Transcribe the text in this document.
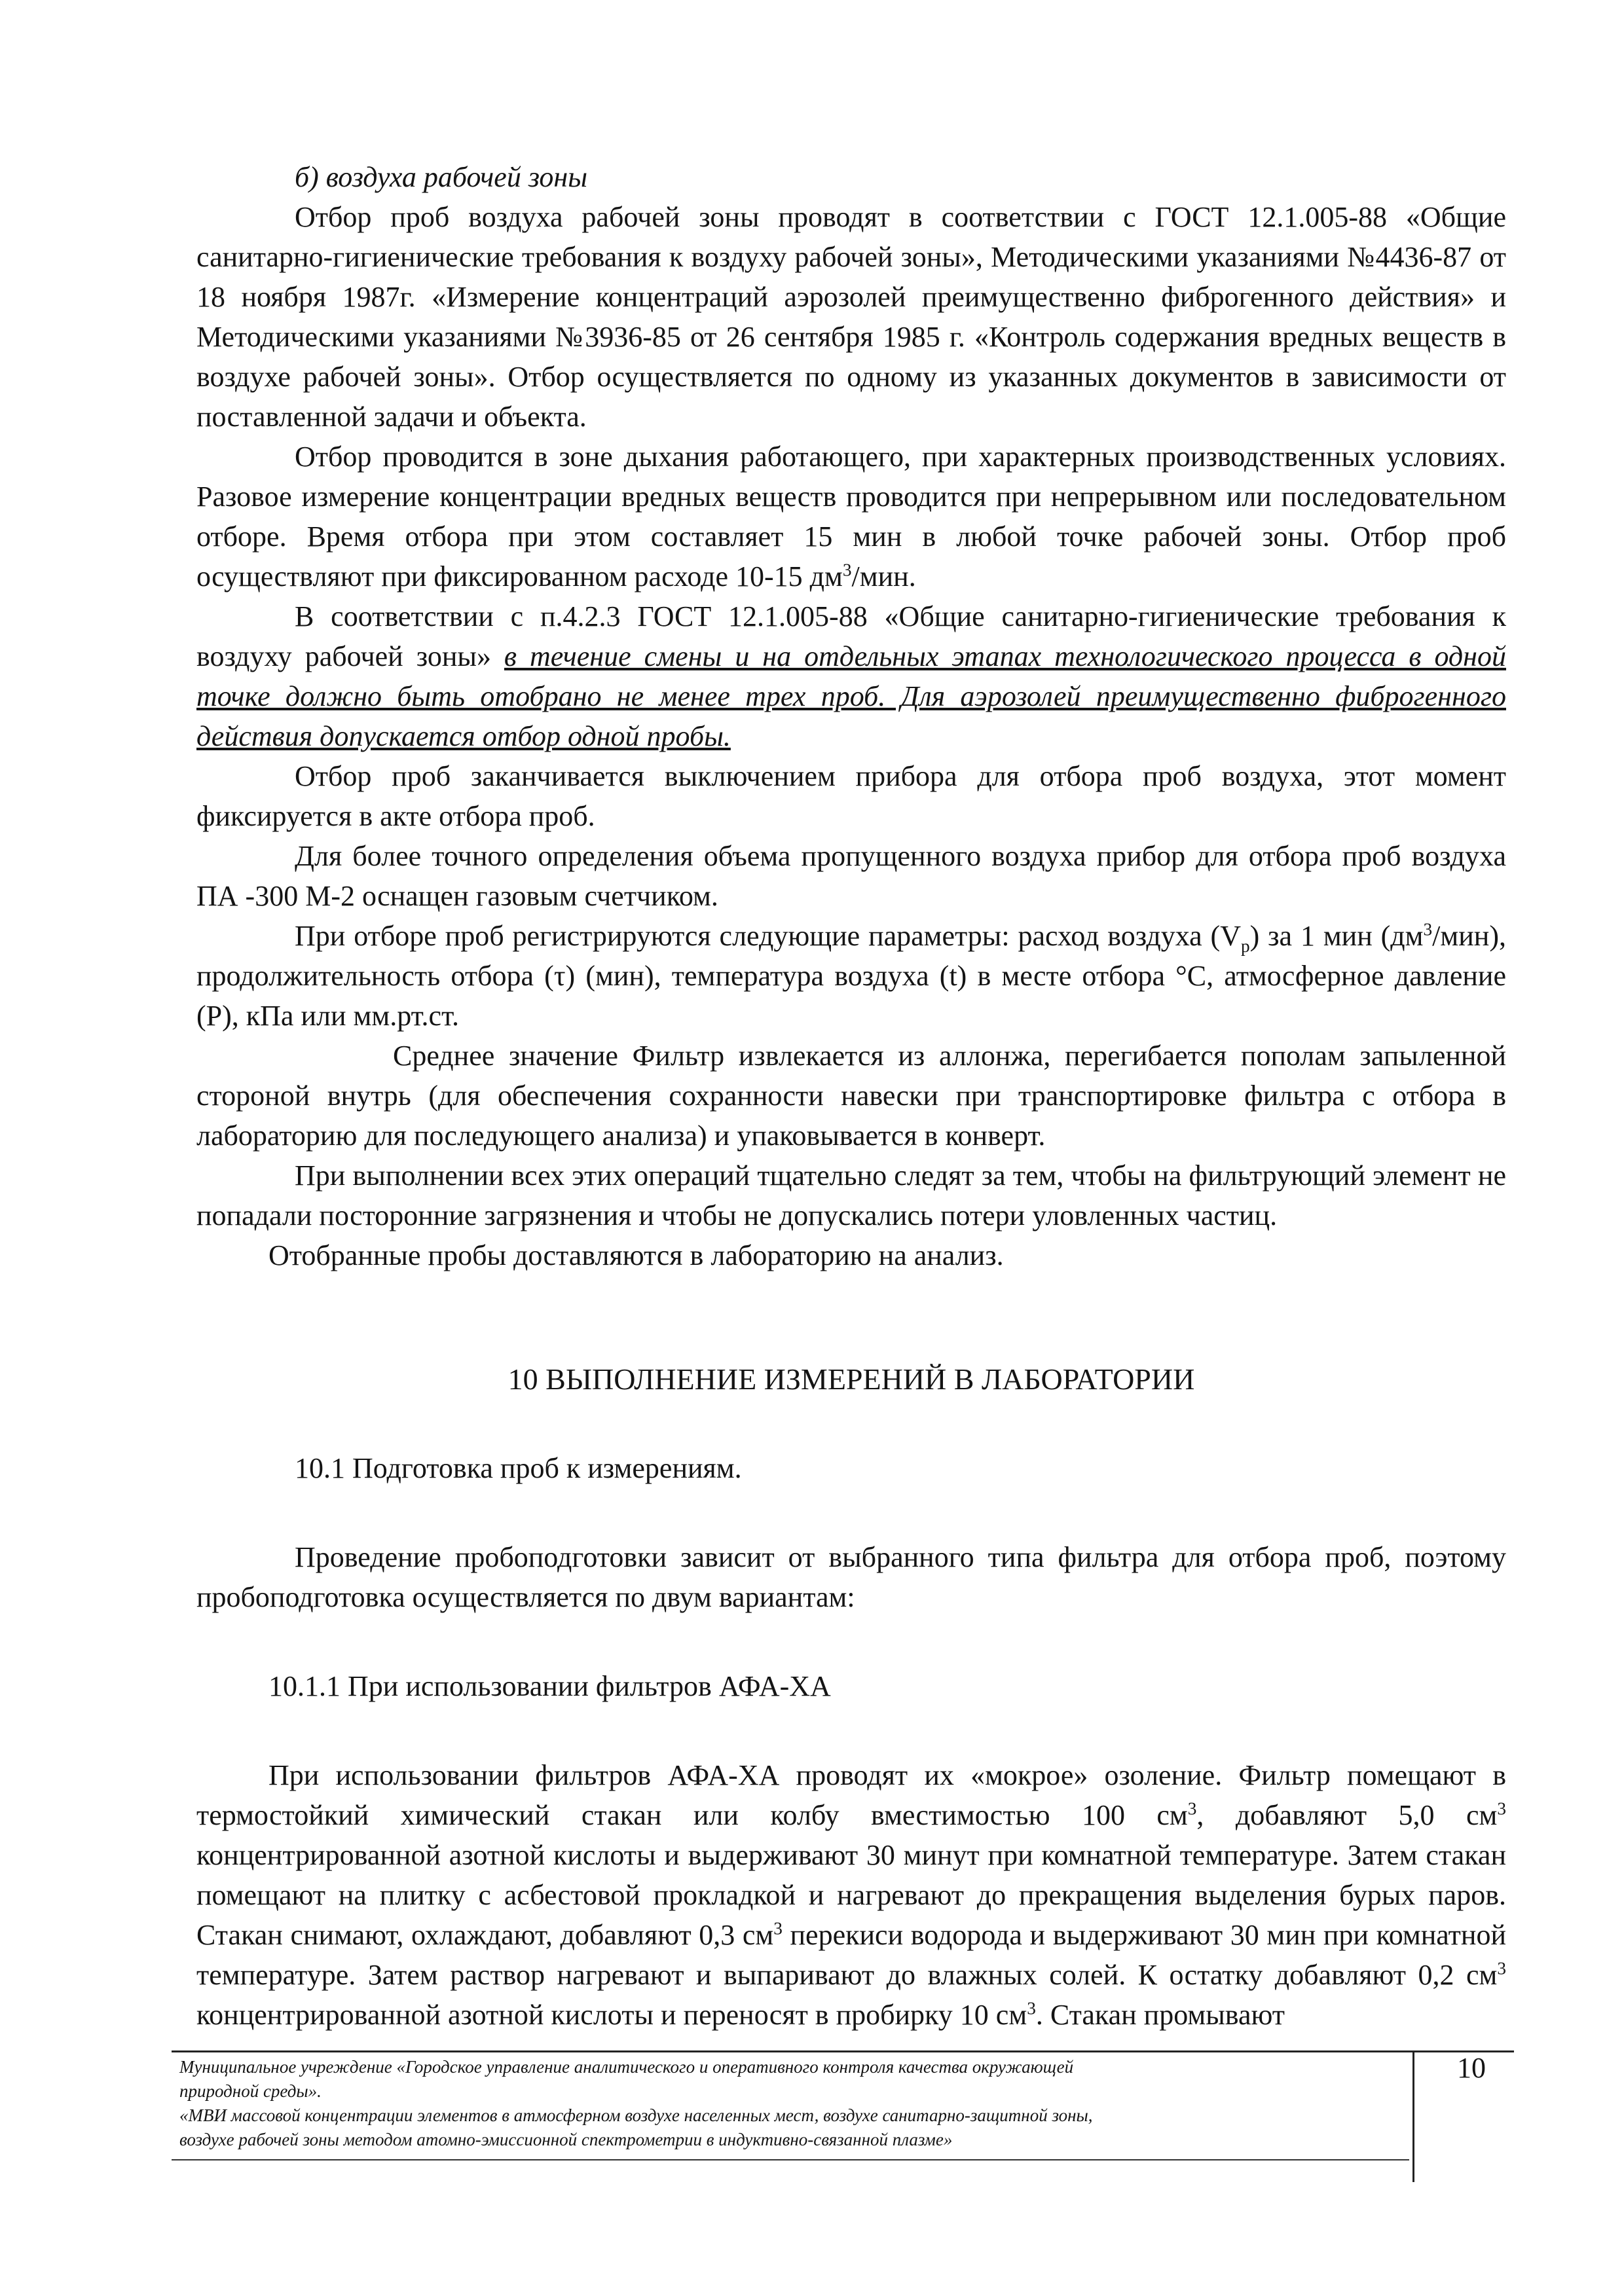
б) воздуха рабочей зоны

Отбор проб воздуха рабочей зоны проводят в соответствии с ГОСТ 12.1.005-88 «Общие санитарно-гигиенические требования к воздуху рабочей зоны», Методическими указаниями №4436-87 от 18 ноября 1987г. «Измерение концентраций аэрозолей преимущественно фиброгенного действия» и Методическими указаниями №3936-85 от 26 сентября 1985 г. «Контроль содержания вредных веществ в воздухе рабочей зоны». Отбор осуществляется по одному из указанных документов в зависимости от поставленной задачи и объекта.

Отбор проводится в зоне дыхания работающего, при характерных производственных условиях. Разовое измерение концентрации вредных веществ проводится при непрерывном или последовательном отборе. Время отбора при этом составляет 15 мин в любой точке рабочей зоны. Отбор проб осуществляют при фиксированном расходе 10-15 $дм^3$/мин.

В соответствии с п.4.2.3 ГОСТ 12.1.005-88 «Общие санитарно-гигиенические требования к воздуху рабочей зоны» в течение смены и на отдельных этапах технологического процесса в одной точке должно быть отобрано не менее трех проб. Для аэрозолей преимущественно фиброгенного действия допускается отбор одной пробы.

Отбор проб заканчивается выключением прибора для отбора проб воздуха, этот момент фиксируется в акте отбора проб.

Для более точного определения объема пропущенного воздуха прибор для отбора проб воздуха ПА -300 М-2 оснащен газовым счетчиком.

При отборе проб регистрируются следующие параметры: расход воздуха $(V_p)$ за 1 мин $(дм^3/мин)$, продолжительность отбора (τ) (мин), температура воздуха (t) в месте отбора °С, атмосферное давление (Р), кПа или мм.рт.ст.

Среднее значение Фильтр извлекается из аллонжа, перегибается пополам запыленной стороной внутрь (для обеспечения сохранности навески при транспортировке фильтра с отбора в лабораторию для последующего анализа) и упаковывается в конверт.

При выполнении всех этих операций тщательно следят за тем, чтобы на фильтрующий элемент не попадали посторонние загрязнения и чтобы не допускались потери уловленных частиц.

Отобранные пробы доставляются в лабораторию на анализ.

10 ВЫПОЛНЕНИЕ ИЗМЕРЕНИЙ В ЛАБОРАТОРИИ

10.1 Подготовка проб к измерениям.

Проведение пробоподготовки зависит от выбранного типа фильтра для отбора проб, поэтому пробоподготовка осуществляется по двум вариантам:

10.1.1 При использовании фильтров АФА-ХА

При использовании фильтров АФА-ХА проводят их «мокрое» озоление. Фильтр помещают в термостойкий химический стакан или колбу вместимостью 100 $см^3$, добавляют 5,0 $см^3$ концентрированной азотной кислоты и выдерживают 30 минут при комнатной температуре. Затем стакан помещают на плитку с асбестовой прокладкой и нагревают до прекращения выделения бурых паров. Стакан снимают, охлаждают, добавляют 0,3 $см^3$ перекиси водорода и выдерживают 30 мин при комнатной температуре. Затем раствор нагревают и выпаривают до влажных солей. К остатку добавляют 0,2 $см^3$ концентрированной азотной кислоты и переносят в пробирку 10 $см^3$. Стакан промывают

Муниципальное учреждение «Городское управление аналитического и оперативного контроля качества окружающей
природной среды».
«МВИ массовой концентрации элементов в атмосферном воздухе населенных мест, воздухе санитарно-защитной зоны,
воздухе рабочей зоны методом атомно-эмиссионной спектрометрии в индуктивно-связанной плазме»
10
